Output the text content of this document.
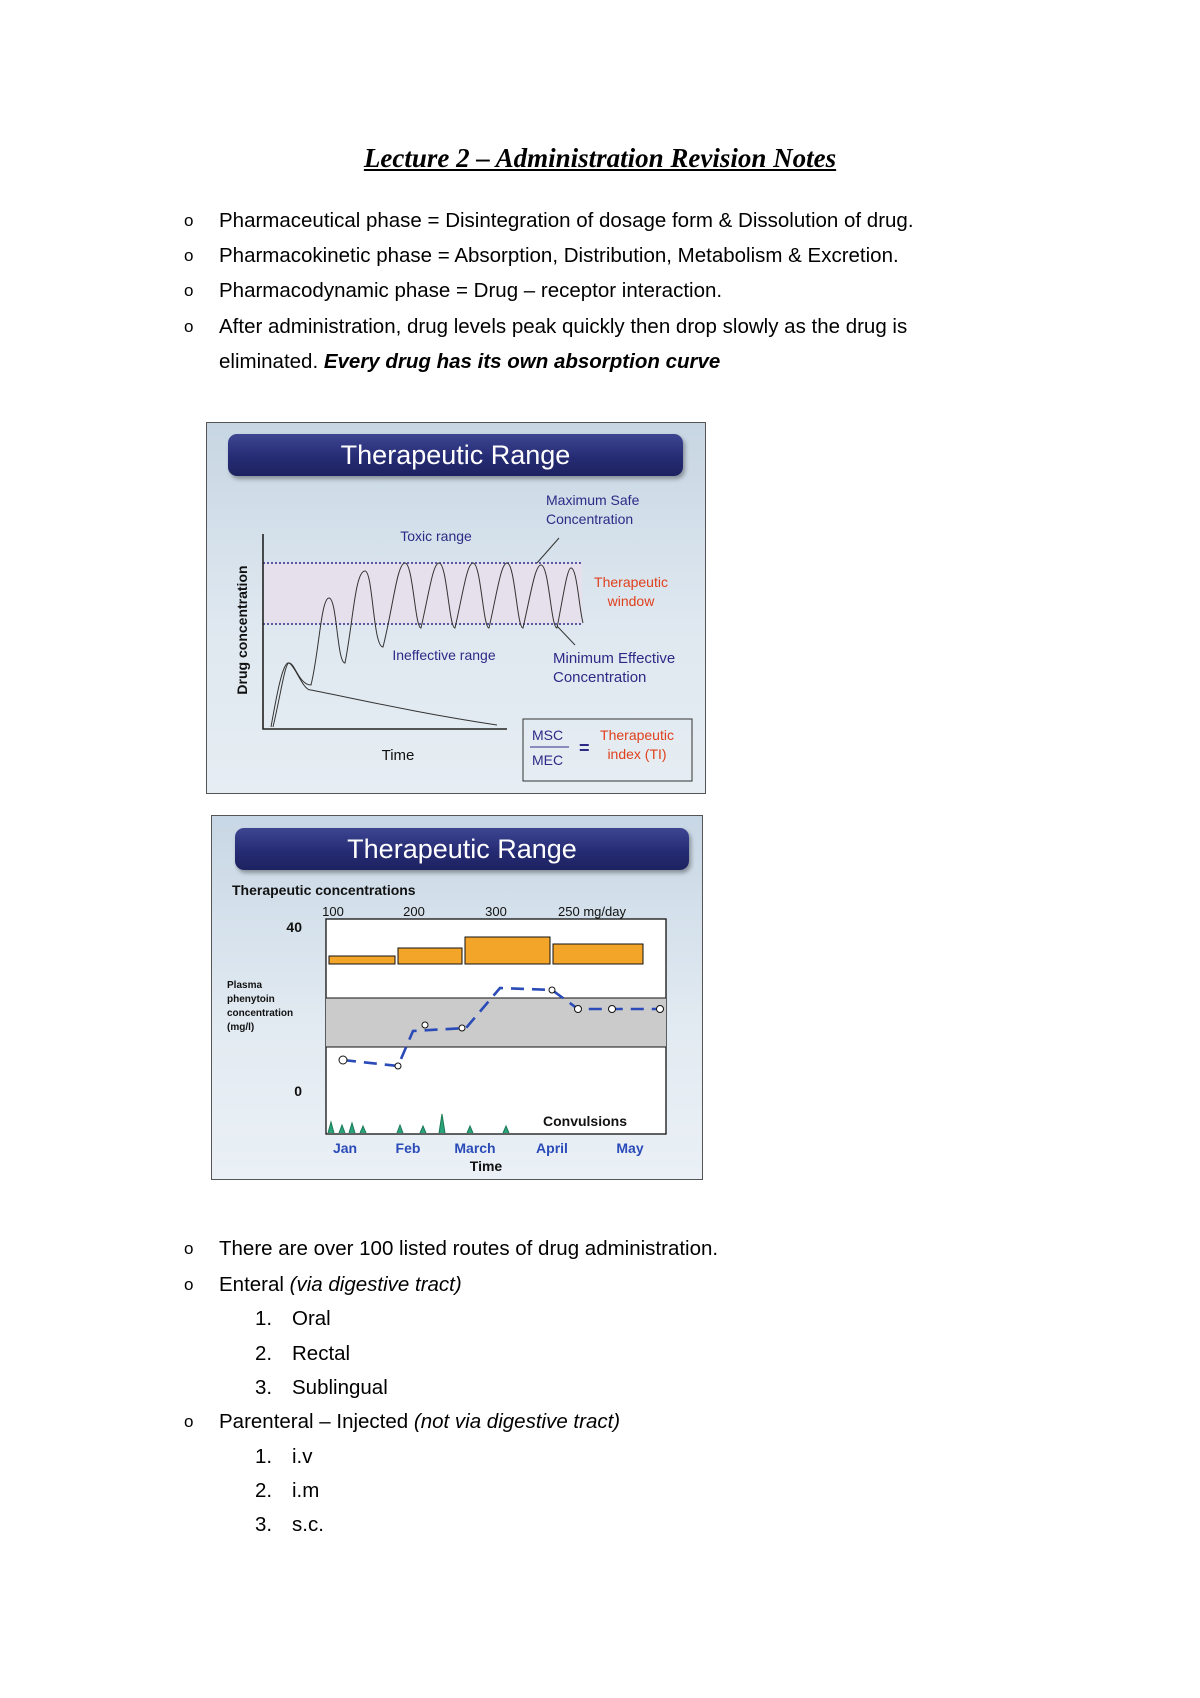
Lecture 2 – Administration Revision Notes
o Pharmaceutical phase = Disintegration of dosage form & Dissolution of drug.
o Pharmacokinetic phase = Absorption, Distribution, Metabolism & Excretion.
o Pharmacodynamic phase = Drug – receptor interaction.
o After administration, drug levels peak quickly then drop slowly as the drug is
eliminated. Every drug has its own absorption curve
Therapeutic Range
Drug concentration
Time
Toxic range
Ineffective range
Maximum Safe
Concentration
Therapeutic
window
Minimum Effective
Concentration
MSC
MEC
=
Therapeutic
index (TI)
Therapeutic Range
Therapeutic concentrations
100	200	300	250 mg/day
40
0
Plasma
phenytoin
concentration
(mg/l)
Convulsions
Jan	Feb March	April	May
Time
o There are over 100 listed routes of drug administration.
o Enteral (via digestive tract)
1. Oral
2. Rectal
3. Sublingual
o Parenteral – Injected (not via digestive tract)
1. i.v
2. i.m
3. s.c.
